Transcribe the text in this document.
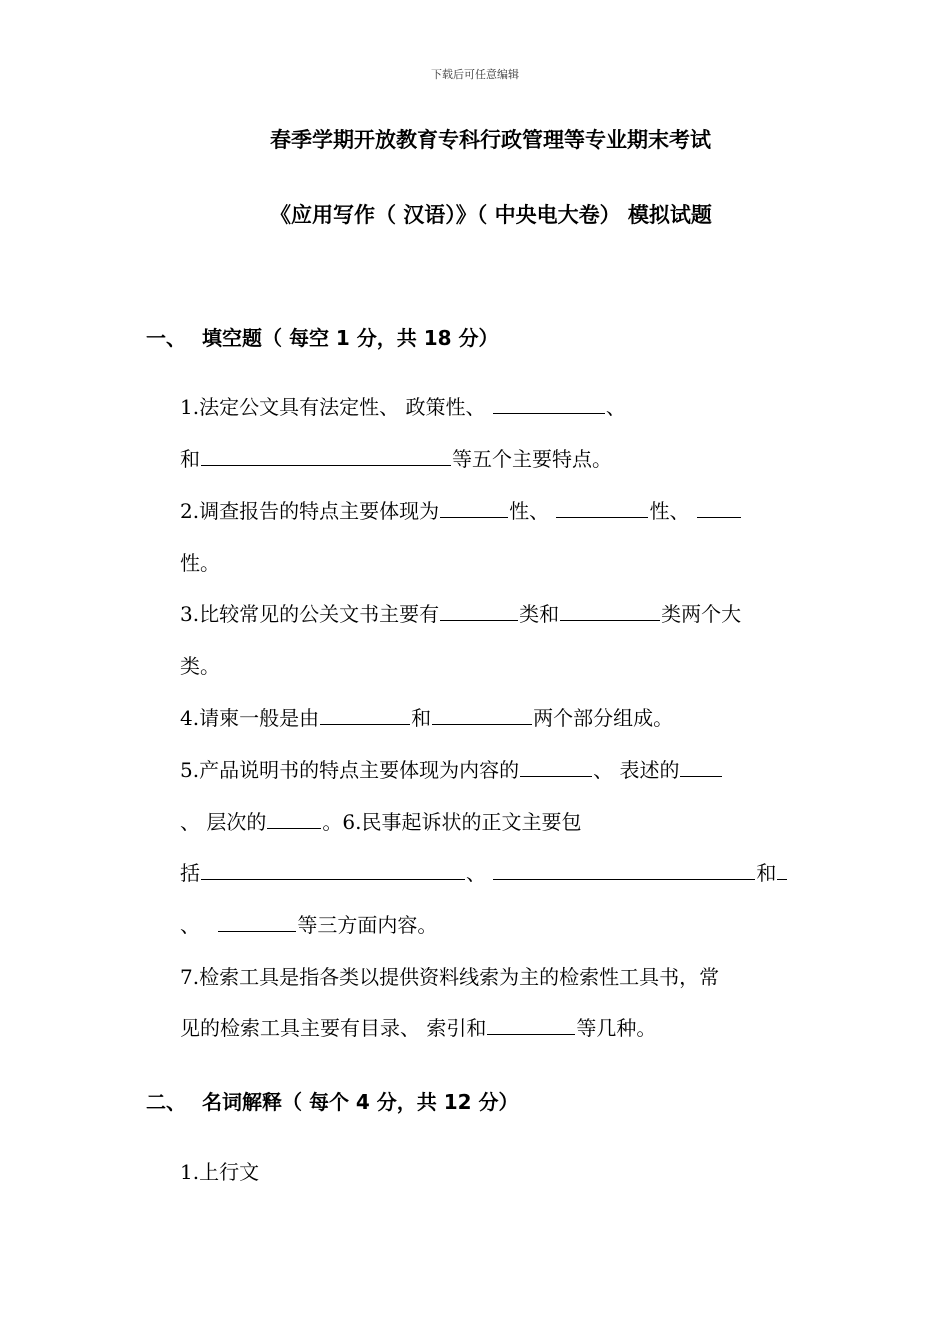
下载后可任意编辑
春季学期开放教育专科行政管理等专业期末考试
《应用写作（ 汉语）》（ 中央电大卷） 模拟试题
一、 填空题（ 每空 1 分，共 18 分）
1.法定公文具有法定性、 政策性、	、
和	等五个主要特点。
2.调查报告的特点主要体现为	性、	性、
性。
3.比较常见的公关文书主要有	类和	类两个大
类。
4.请柬一般是由	和	两个部分组成。
5.产品说明书的特点主要体现为内容的	、 表述的
、 层次的	。6.民事起诉状的正文主要包
括	、	和
、	等三方面内容。
7.检索工具是指各类以提供资料线索为主的检索性工具书，常
见的检索工具主要有目录、 索引和	等几种。
二、 名词解释（ 每个 4 分，共 12 分）
1.上行文
